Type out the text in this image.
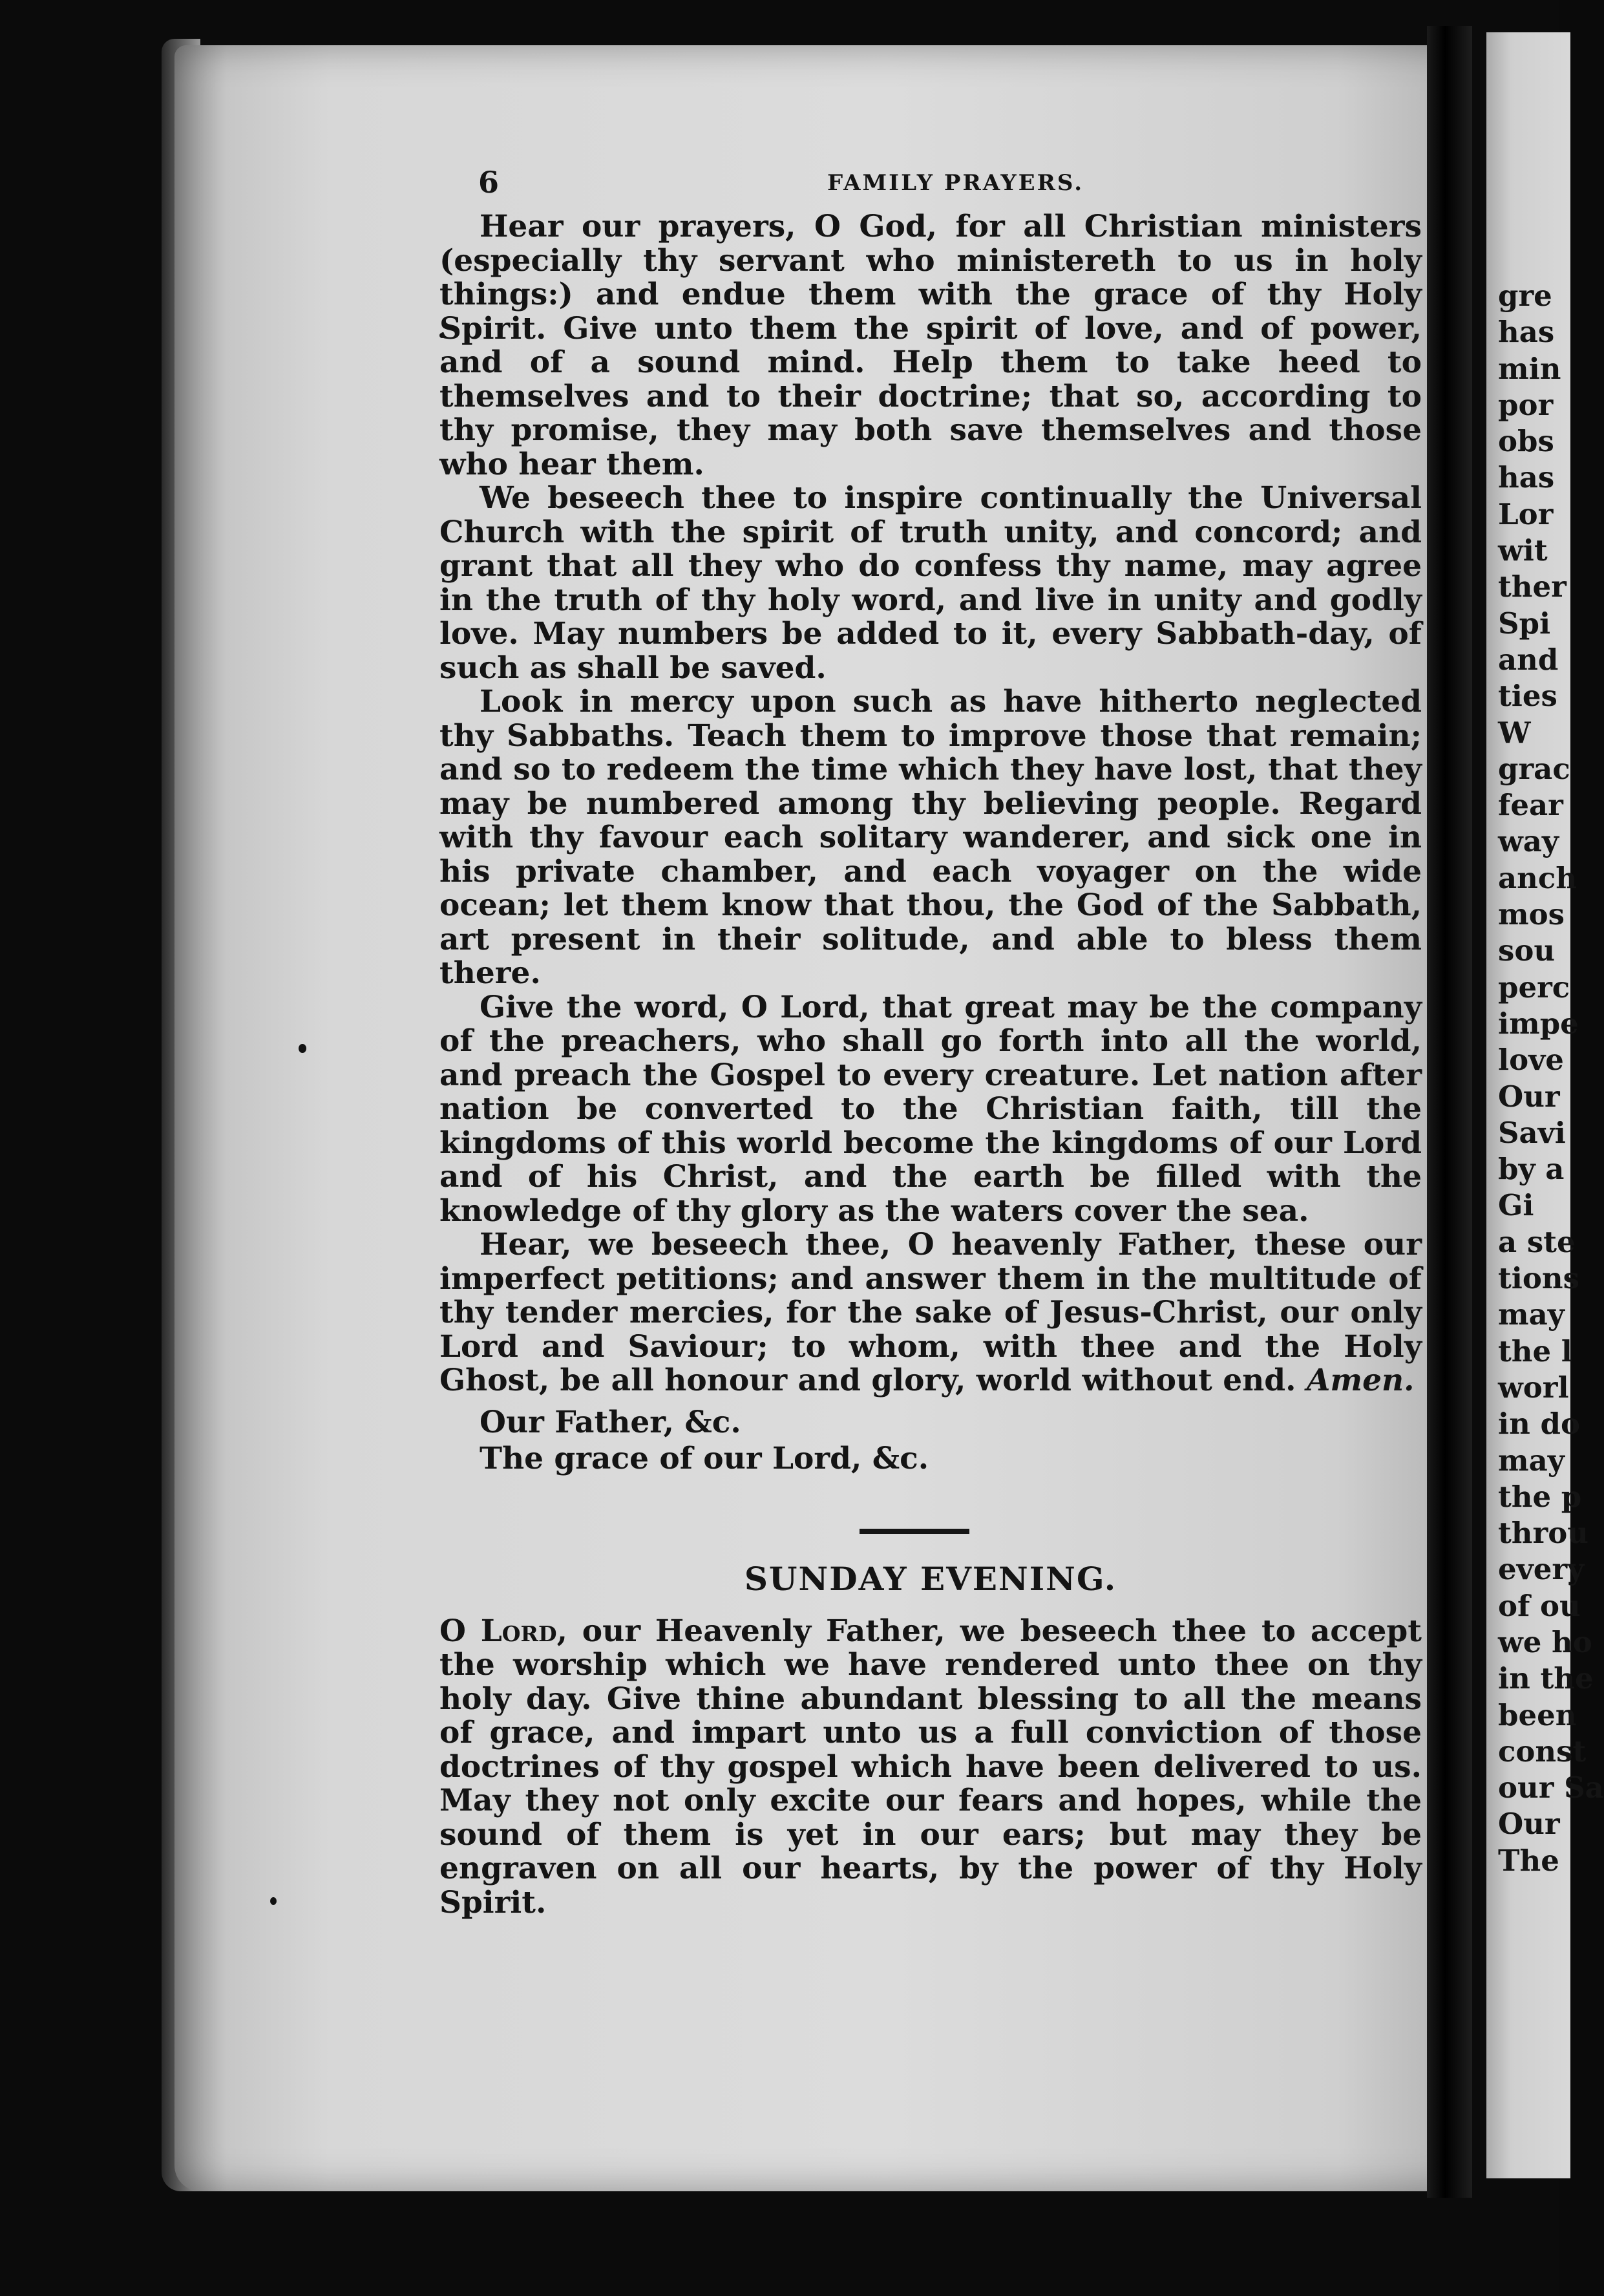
6	FAMILY PRAYERS.

Hear our prayers, O God, for all Christian ministers (especially thy servant who ministereth to us in holy things:) and endue them with the grace of thy Holy Spirit. Give unto them the spirit of love, and of power, and of a sound mind. Help them to take heed to themselves and to their doctrine; that so, according to thy promise, they may both save themselves and those who hear them.

We beseech thee to inspire continually the Universal Church with the spirit of truth unity, and concord; and grant that all they who do confess thy name, may agree in the truth of thy holy word, and live in unity and godly love. May numbers be added to it, every Sabbath-day, of such as shall be saved.

Look in mercy upon such as have hitherto neglected thy Sabbaths. Teach them to improve those that remain; and so to redeem the time which they have lost, that they may be numbered among thy believing people. Regard with thy favour each solitary wanderer, and sick one in his private chamber, and each voyager on the wide ocean; let them know that thou, the God of the Sabbath, art present in their solitude, and able to bless them there.

Give the word, O Lord, that great may be the company of the preachers, who shall go forth into all the world, and preach the Gospel to every creature. Let nation after nation be converted to the Christian faith, till the kingdoms of this world become the kingdoms of our Lord and of his Christ, and the earth be filled with the knowledge of thy glory as the waters cover the sea.

Hear, we beseech thee, O heavenly Father, these our imperfect petitions; and answer them in the multitude of thy tender mercies, for the sake of Jesus-Christ, our only Lord and Saviour; to whom, with thee and the Holy Ghost, be all honour and glory, world without end. Amen.

Our Father, &c.

The grace of our Lord, &c.

SUNDAY EVENING.

O Lord, our Heavenly Father, we beseech thee to accept the worship which we have rendered unto thee on thy holy day. Give thine abundant blessing to all the means of grace, and impart unto us a full conviction of those doctrines of thy gospel which have been delivered to us. May they not only excite our fears and hopes, while the sound of them is yet in our ears; but may they be engraven on all our hearts, by the power of thy Holy Spirit.

gre
has
min
por
obs
has
Lor
wit
ther
Spi
and
ties
W
grac
fear
way
anch
mos
sou
perc
impe
love
Our
Savi
by a
Gi
a ste
tions
may
the l
worl
in do
may
the p
throu
every
of ou
we ho
in the
been
const
our Sa
Our
The
